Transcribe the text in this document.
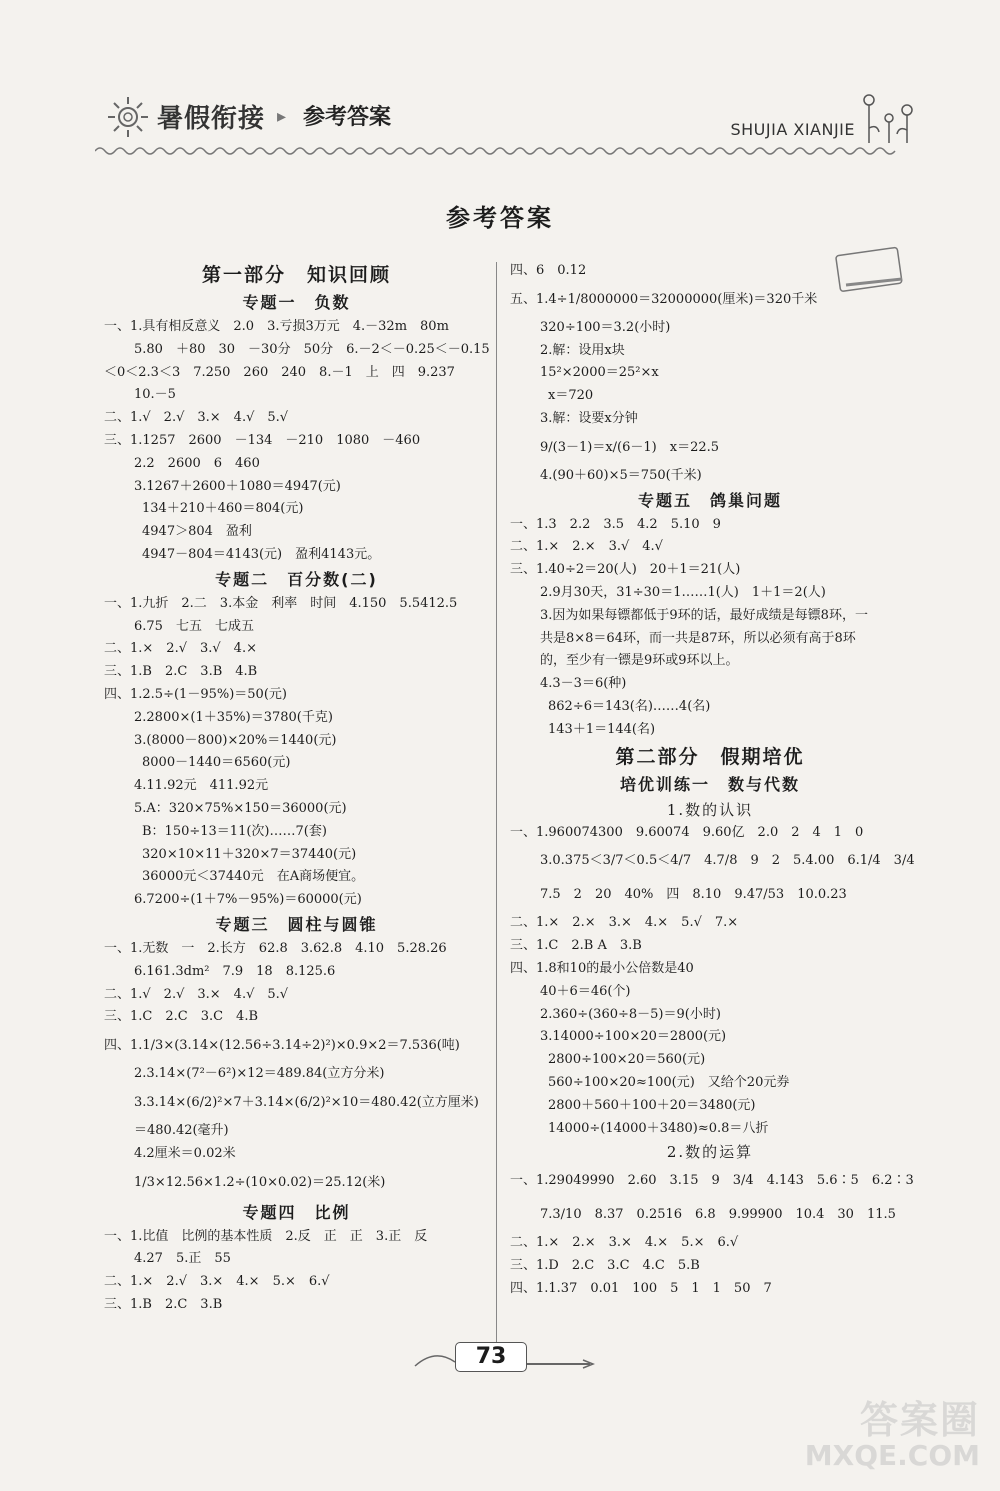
暑假衔接 ▸ 参考答案	SHUJIA XIANJIE
参考答案
第一部分　知识回顾
专题一　负数
一、1.具有相反意义　2.0　3.亏损3万元　4.－32m　80m
5.80　＋80　30　－30分　50分　6.－2＜－0.25＜－0.15
＜0＜2.3＜3　7.250　260　240　8.－1　上　四　9.237
10.－5
二、1.√　2.√　3.×　4.√　5.√
三、1.1257　2600　－134　－210　1080　－460
2.2　2600　6　460
3.1267＋2600＋1080＝4947(元)
134＋210＋460＝804(元)
4947＞804　盈利
4947－804＝4143(元)　盈利4143元。
专题二　百分数(二)
一、1.九折　2.二　3.本金　利率　时间　4.150　5.5412.5
6.75　七五　七成五
二、1.×　2.√　3.√　4.×
三、1.B　2.C　3.B　4.B
四、1.2.5÷(1－95%)＝50(元)
2.2800×(1＋35%)＝3780(千克)
3.(8000－800)×20%＝1440(元)
8000－1440＝6560(元)
4.11.92元　411.92元
5.A：320×75%×150＝36000(元)
B：150÷13＝11(次)……7(套)
320×10×11＋320×7＝37440(元)
36000元＜37440元　在A商场便宜。
6.7200÷(1＋7%－95%)＝60000(元)
专题三　圆柱与圆锥
一、1.无数　一　2.长方　62.8　3.62.8　4.10　5.28.26
6.161.3dm²　7.9　18　8.125.6
二、1.√　2.√　3.×　4.√　5.√
三、1.C　2.C　3.C　4.B
四、1.1/3×(3.14×(12.56÷3.14÷2)²)×0.9×2＝7.536(吨)
2.3.14×(7²－6²)×12＝489.84(立方分米)
3.3.14×(6/2)²×7＋3.14×(6/2)²×10＝480.42(立方厘米)
＝480.42(毫升)
4.2厘米＝0.02米
1/3×12.56×1.2÷(10×0.02)＝25.12(米)
专题四　比例
一、1.比值　比例的基本性质　2.反　正　正　3.正　反
4.27　5.正　55
二、1.×　2.√　3.×　4.×　5.×　6.√
三、1.B　2.C　3.B
四、6　0.12
五、1.4÷1/8000000＝32000000(厘米)＝320千米
320÷100＝3.2(小时)
2.解：设用x块
15²×2000＝25²×x
x＝720
3.解：设要x分钟
9/(3－1)＝x/(6－1)　x＝22.5
4.(90＋60)×5＝750(千米)
专题五　鸽巢问题
一、1.3　2.2　3.5　4.2　5.10　9
二、1.×　2.×　3.√　4.√
三、1.40÷2＝20(人)　20＋1＝21(人)
2.9月30天，31÷30＝1……1(人)　1＋1＝2(人)
3.因为如果每镖都低于9环的话，最好成绩是每镖8环，一
共是8×8＝64环，而一共是87环，所以必须有高于8环
的，至少有一镖是9环或9环以上。
4.3－3＝6(种)
862÷6＝143(名)……4(名)
143＋1＝144(名)
第二部分　假期培优
培优训练一　数与代数
1.数的认识
一、1.960074300　9.60074　9.60亿　2.0　2　4　1　0
3.0.375＜3/7＜0.5＜4/7　4.7/8　9　2　5.4.00　6.1/4　3/4
7.5　2　20　40%　四　8.10　9.47/53　10.0.23
二、1.×　2.×　3.×　4.×　5.√　7.×
三、1.C　2.B A　3.B
四、1.8和10的最小公倍数是40
40＋6＝46(个)
2.360÷(360÷8－5)＝9(小时)
3.14000÷100×20＝2800(元)
2800÷100×20＝560(元)
560÷100×20≈100(元)　又给个20元券
2800＋560＋100＋20＝3480(元)
14000÷(14000＋3480)≈0.8＝八折
2.数的运算
一、1.29049990　2.60　3.15　9　3/4　4.143　5.6∶5　6.2∶3
7.3/10　8.37　0.2516　6.8　9.99900　10.4　30　11.5
二、1.×　2.×　3.×　4.×　5.×　6.√
三、1.D　2.C　3.C　4.C　5.B
四、1.1.37　0.01　100　5　1　1　50　7
73
答案圈
MXQE.COM
